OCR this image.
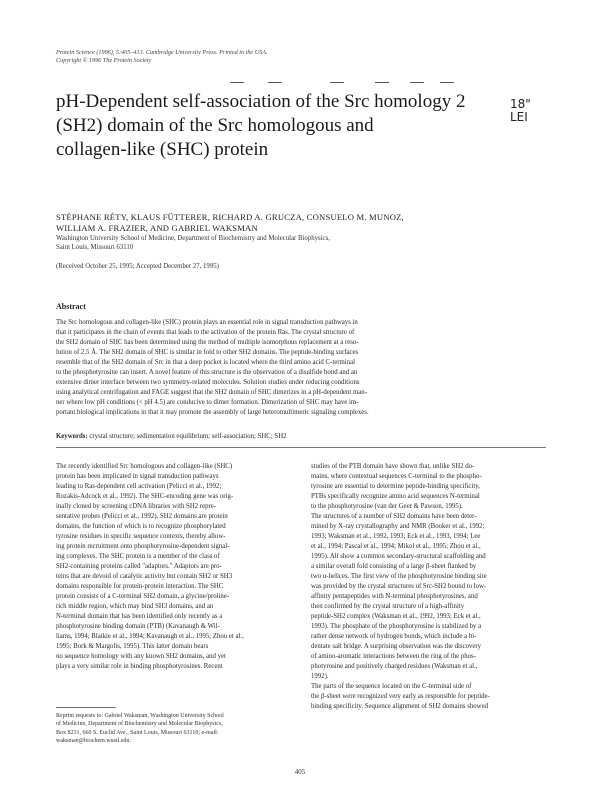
Protein Science (1996), 5:405–413. Cambridge University Press. Printed in the USA.
Copyright © 1996 The Protein Society
pH-Dependent self-association of the Src homology 2
(SH2) domain of the Src homologous and
collagen-like (SHC) protein
18"
LEI
STÉPHANE RÉTY, KLAUS FÜTTERER, RICHARD A. GRUCZA, CONSUELO M. MUNOZ,
WILLIAM A. FRAZIER, AND GABRIEL WAKSMAN
Washington University School of Medicine, Department of Biochemistry and Molecular Biophysics,
Saint Louis, Missouri 63110
(Received October 25, 1995; Accepted December 27, 1995)
Abstract
The Src homologous and collagen-like (SHC) protein plays an essential role in signal transduction pathways in
that it participates in the chain of events that leads to the activation of the protein Ras. The crystal structure of
the SH2 domain of SHC has been determined using the method of multiple isomorphous replacement at a reso-
lution of 2.5 Å. The SH2 domain of SHC is similar in fold to other SH2 domains. The peptide-binding surfaces
resemble that of the SH2 domain of Src in that a deep pocket is located where the third amino acid C-terminal
to the phosphotyrosine can insert. A novel feature of this structure is the observation of a disulfide bond and an
extensive dimer interface between two symmetry-related molecules. Solution studies under reducing conditions
using analytical centrifugation and FAGE suggest that the SH2 domain of SHC dimerizes in a pH-dependent man-
ner where low pH conditions (< pH 4.5) are conducive to dimer formation. Dimerization of SHC may have im-
portant biological implications in that it may promote the assembly of large heteromultimeric signaling complexes.
Keywords: crystal structure; sedimentation equilibrium; self-association; SHC; SH2
The recently identified Src homologous and collagen-like (SHC)
protein has been implicated in signal transduction pathways
leading to Ras-dependent cell activation (Pelicci et al., 1992;
Rozakis-Adcock et al., 1992). The SHC-encoding gene was orig-
inally cloned by screening cDNA libraries with SH2 repre-
sentative probes (Pelicci et al., 1992). SH2 domains are protein
domains, the function of which is to recognize phosphorylated
tyrosine residues in specific sequence contexts, thereby allow-
ing protein recruitment onto phosphotyrosine-dependent signal-
ing complexes. The SHC protein is a member of the class of
SH2-containing proteins called "adaptors." Adaptors are pro-
teins that are devoid of catalytic activity but contain SH2 or SH3
domains responsible for protein-protein interaction. The SHC
protein consists of a C-terminal SH2 domain, a glycine/proline-
rich middle region, which may bind SH3 domains, and an
N-terminal domain that has been identified only recently as a
phosphotyrosine binding domain (PTB) (Kavanaugh & Wil-
liams, 1994; Blaikie et al., 1994; Kavanaugh et al., 1995; Zhou et al.,
1995; Bork & Margolis, 1995). This latter domain bears
no sequence homology with any known SH2 domains, and yet
plays a very similar role in binding phosphotyrosines. Recent
studies of the PTB domain have shown that, unlike SH2 do-
mains, where contextual sequences C-terminal to the phospho-
tyrosine are essential to determine peptide-binding specificity,
PTBs specifically recognize amino acid sequences N-terminal
to the phosphotyrosine (van der Geer & Pawson, 1995).
The structures of a number of SH2 domains have been deter-
mined by X-ray crystallography and NMR (Booker et al., 1992;
1993; Waksman et al., 1992, 1993; Eck et al., 1993, 1994; Lee
et al., 1994; Pascal et al., 1994; Mikol et al., 1995; Zhou et al.,
1995). All show a common secondary-structural scaffolding and
a similar overall fold consisting of a large β-sheet flanked by
two α-helices. The first view of the phosphotyrosine binding site
was provided by the crystal structures of Src-SH2 bound to low-
affinity pentapeptides with N-terminal phosphotyrosines, and
then confirmed by the crystal structure of a high-affinity
peptide-SH2 complex (Waksman et al., 1992, 1993; Eck et al.,
1993). The phosphate of the phosphotyrosine is stabilized by a
rather dense network of hydrogen bonds, which include a bi-
dentate salt bridge. A surprising observation was the discovery
of amino-aromatic interactions between the ring of the phos-
photyrosine and positively charged residues (Waksman et al.,
1992).
The parts of the sequence located on the C-terminal side of
the β-sheet were recognized very early as responsible for peptide-
binding specificity. Sequence alignment of SH2 domains showed
Reprint requests to: Gabriel Waksman, Washington University School
of Medicine, Department of Biochemistry and Molecular Biophysics,
Box 8231, 660 S. Euclid Ave., Saint Louis, Missouri 63110; e-mail:
waksman@biochem.wustl.edu.
405
